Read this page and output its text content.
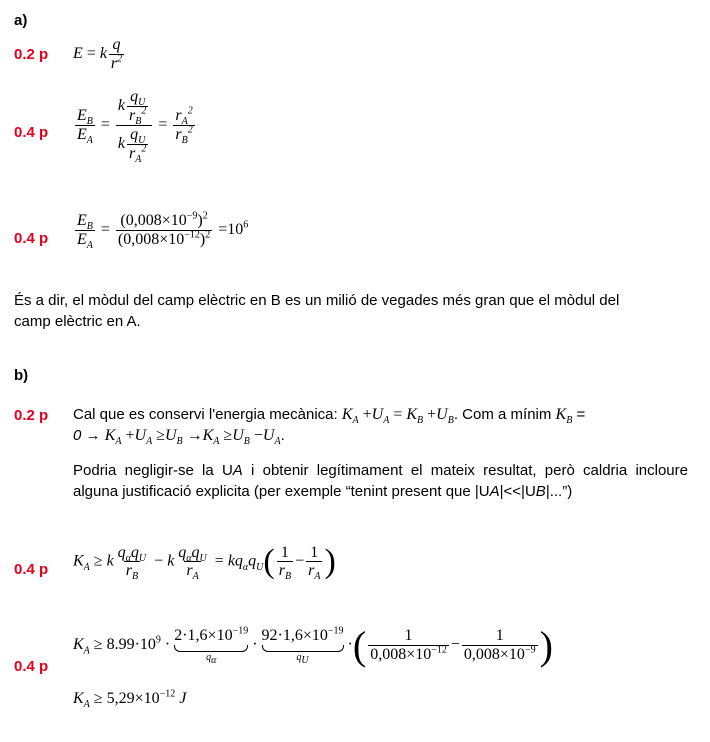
a)
0.2 p E = k $\frac{q}{r^2}$
0.4 p $\frac{E_B}{E_A} = \frac{k \frac{q_U}{r_B^2}}{k \frac{q_U}{r_A^2}} = \frac{r_A^2}{r_B^2}$
0.4 p $\frac{E_B}{E_A} = \frac{(0,008\times 10^{-9})^2}{(0,008\times 10^{-12})^2} =10^6$
És a dir, el mòdul del camp elèctric en B es un milió de vegades més gran que el mòdul del camp elèctric en A.
b)
0.2 p Cal que es conservi l'energia mecànica: $K_A +U_A = K_B +U_B$. Com a mínim $K_B$ =
$0 \to K_A +U_A \ge U_B \to K_A \ge U_B -U_A$.
Podria negligir-se la UA i obtenir legítimament el mateix resultat, però caldria incloure alguna justificació explicita (per exemple “tenint present que |UA|<<|UB|...”)
0.4 p $K_A \ge k \frac{q_\alpha q_U}{r_B} - k \frac{q_\alpha q_U}{r_A} = kq_\alpha q_U( \frac{1}{r_B} - \frac{1}{r_A}$ )
0.4 p
$K_A \ge 8.99\cdot 10^9$ ·
$2\cdot 1,6\times 10^{-19}$
$q_\alpha$
·
$92\cdot 1,6\times 10^{-19}$
$q_U$
·( $\frac{1}{0,008\times 10^{-12}} - \frac{1}{0,008\times 10^{-9}}$ )
$K_A \ge 5,29\times 10^{-12}$ J
